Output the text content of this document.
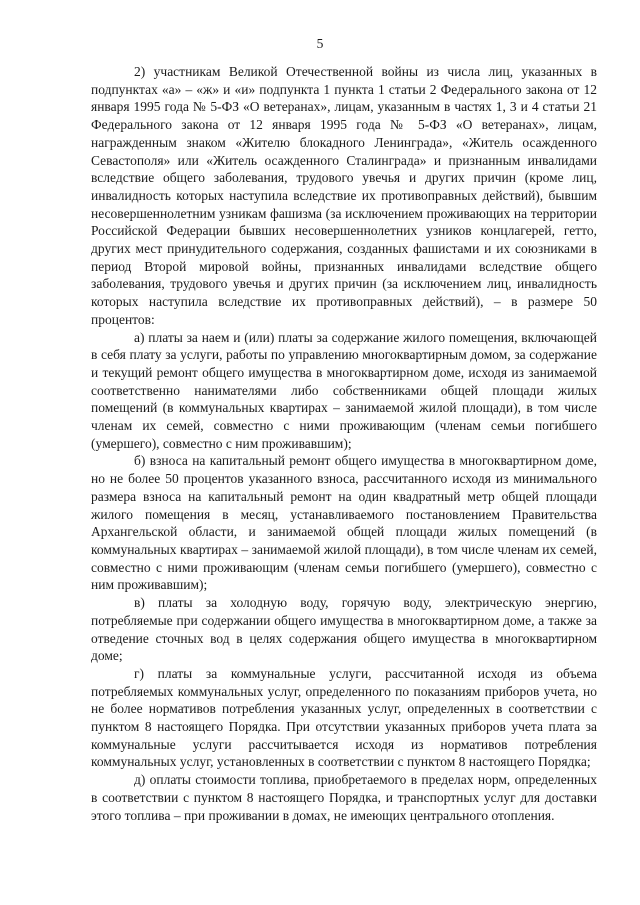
5

2) участникам Великой Отечественной войны из числа лиц, указанных в подпунктах «а» – «ж» и «и» подпункта 1 пункта 1 статьи 2 Федерального закона от 12 января 1995 года № 5-ФЗ «О ветеранах», лицам, указанным в частях 1, 3 и 4 статьи 21 Федерального закона от 12 января 1995 года № 5-ФЗ «О ветеранах», лицам, награжденным знаком «Жителю блокадного Ленинграда», «Житель осажденного Севастополя» или «Житель осажденного Сталинграда» и признанным инвалидами вследствие общего заболевания, трудового увечья и других причин (кроме лиц, инвалидность которых наступила вследствие их противоправных действий), бывшим несовершеннолетним узникам фашизма (за исключением проживающих на территории Российской Федерации бывших несовершеннолетних узников концлагерей, гетто, других мест принудительного содержания, созданных фашистами и их союзниками в период Второй мировой войны, признанных инвалидами вследствие общего заболевания, трудового увечья и других причин (за исключением лиц, инвалидность которых наступила вследствие их противоправных действий), – в размере 50 процентов:

а) платы за наем и (или) платы за содержание жилого помещения, включающей в себя плату за услуги, работы по управлению многоквартирным домом, за содержание и текущий ремонт общего имущества в многоквартирном доме, исходя из занимаемой соответственно нанимателями либо собственниками общей площади жилых помещений (в коммунальных квартирах – занимаемой жилой площади), в том числе членам их семей, совместно с ними проживающим (членам семьи погибшего (умершего), совместно с ним проживавшим);

б) взноса на капитальный ремонт общего имущества в многоквартирном доме, но не более 50 процентов указанного взноса, рассчитанного исходя из минимального размера взноса на капитальный ремонт на один квадратный метр общей площади жилого помещения в месяц, устанавливаемого постановлением Правительства Архангельской области, и занимаемой общей площади жилых помещений (в коммунальных квартирах – занимаемой жилой площади), в том числе членам их семей, совместно с ними проживающим (членам семьи погибшего (умершего), совместно с ним проживавшим);

в) платы за холодную воду, горячую воду, электрическую энергию, потребляемые при содержании общего имущества в многоквартирном доме, а также за отведение сточных вод в целях содержания общего имущества в многоквартирном доме;

г) платы за коммунальные услуги, рассчитанной исходя из объема потребляемых коммунальных услуг, определенного по показаниям приборов учета, но не более нормативов потребления указанных услуг, определенных в соответствии с пунктом 8 настоящего Порядка. При отсутствии указанных приборов учета плата за коммунальные услуги рассчитывается исходя из нормативов потребления коммунальных услуг, установленных в соответствии с пунктом 8 настоящего Порядка;

д) оплаты стоимости топлива, приобретаемого в пределах норм, определенных в соответствии с пунктом 8 настоящего Порядка, и транспортных услуг для доставки этого топлива – при проживании в домах, не имеющих центрального отопления.
